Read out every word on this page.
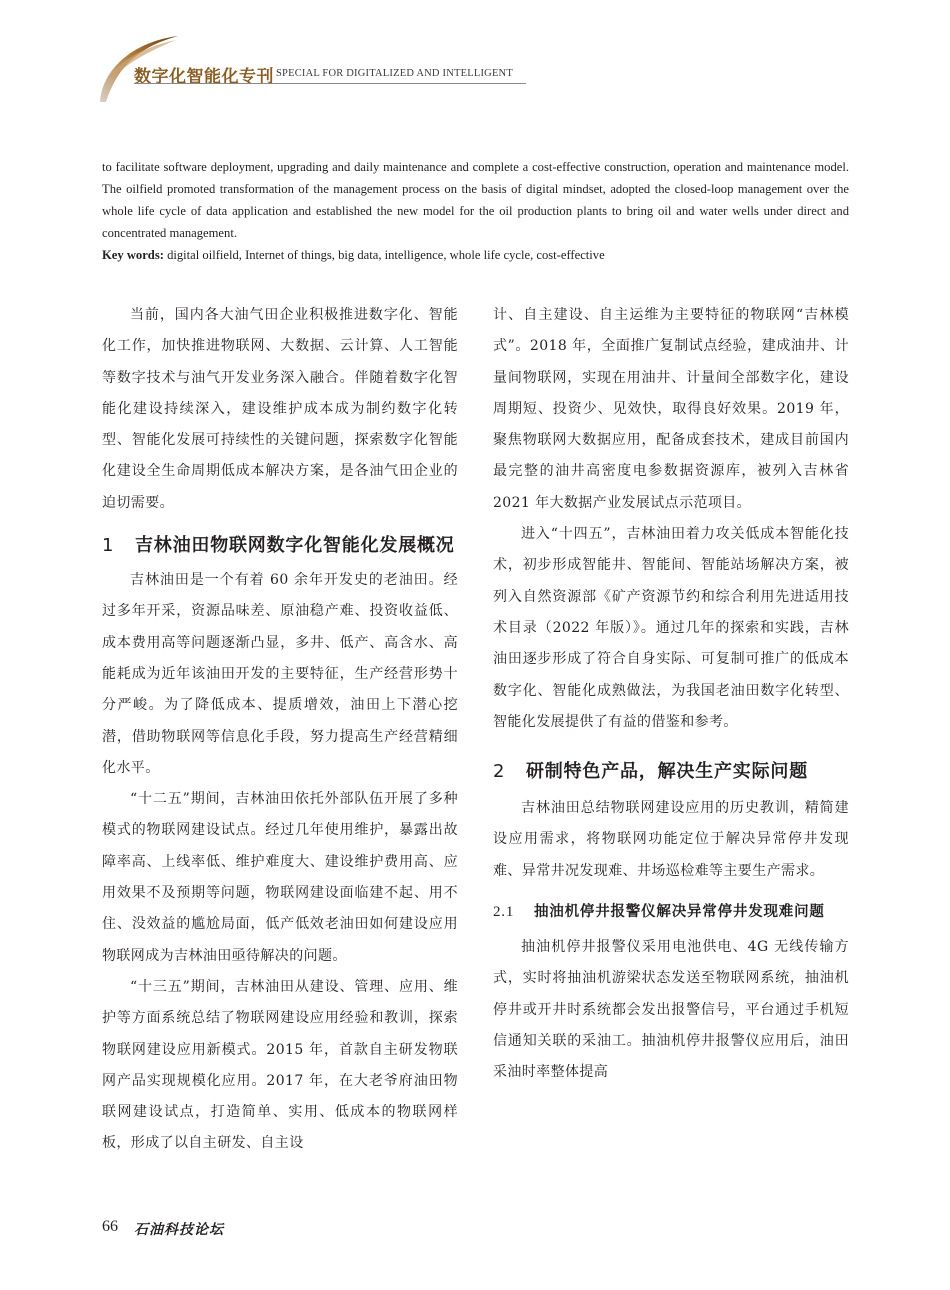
数字化智能化专刊 SPECIAL FOR DIGITALIZED AND INTELLIGENT

to facilitate software deployment, upgrading and daily maintenance and complete a cost-effective construction, operation and maintenance model. The oilfield promoted transformation of the management process on the basis of digital mindset, adopted the closed-loop management over the whole life cycle of data application and established the new model for the oil production plants to bring oil and water wells under direct and concentrated management.

Key words: digital oilfield, Internet of things, big data, intelligence, whole life cycle, cost-effective

当前，国内各大油气田企业积极推进数字化、智能化工作，加快推进物联网、大数据、云计算、人工智能等数字技术与油气开发业务深入融合。伴随着数字化智能化建设持续深入，建设维护成本成为制约数字化转型、智能化发展可持续性的关键问题，探索数字化智能化建设全生命周期低成本解决方案，是各油气田企业的迫切需要。

1	吉林油田物联网数字化智能化发展概况

吉林油田是一个有着 60 余年开发史的老油田。经过多年开采，资源品味差、原油稳产难、投资收益低、成本费用高等问题逐渐凸显，多井、低产、高含水、高能耗成为近年该油田开发的主要特征，生产经营形势十分严峻。为了降低成本、提质增效，油田上下潜心挖潜，借助物联网等信息化手段，努力提高生产经营精细化水平。

“十二五”期间，吉林油田依托外部队伍开展了多种模式的物联网建设试点。经过几年使用维护，暴露出故障率高、上线率低、维护难度大、建设维护费用高、应用效果不及预期等问题，物联网建设面临建不起、用不住、没效益的尴尬局面，低产低效老油田如何建设应用物联网成为吉林油田亟待解决的问题。

“十三五”期间，吉林油田从建设、管理、应用、维护等方面系统总结了物联网建设应用经验和教训，探索物联网建设应用新模式。2015 年，首款自主研发物联网产品实现规模化应用。2017 年，在大老爷府油田物联网建设试点，打造简单、实用、低成本的物联网样板，形成了以自主研发、自主设

计、自主建设、自主运维为主要特征的物联网“吉林模式”。2018 年，全面推广复制试点经验，建成油井、计量间物联网，实现在用油井、计量间全部数字化，建设周期短、投资少、见效快，取得良好效果。2019 年，聚焦物联网大数据应用，配备成套技术，建成目前国内最完整的油井高密度电参数据资源库，被列入吉林省 2021 年大数据产业发展试点示范项目。

进入“十四五”，吉林油田着力攻关低成本智能化技术，初步形成智能井、智能间、智能站场解决方案，被列入自然资源部《矿产资源节约和综合利用先进适用技术目录（2022 年版）》。通过几年的探索和实践，吉林油田逐步形成了符合自身实际、可复制可推广的低成本数字化、智能化成熟做法，为我国老油田数字化转型、智能化发展提供了有益的借鉴和参考。

2	研制特色产品，解决生产实际问题

吉林油田总结物联网建设应用的历史教训，精简建设应用需求，将物联网功能定位于解决异常停井发现难、异常井况发现难、井场巡检难等主要生产需求。

2.1	抽油机停井报警仪解决异常停井发现难问题

抽油机停井报警仪采用电池供电、4G 无线传输方式，实时将抽油机游梁状态发送至物联网系统，抽油机停井或开井时系统都会发出报警信号，平台通过手机短信通知关联的采油工。抽油机停井报警仪应用后，油田采油时率整体提高

66 石油科技论坛
